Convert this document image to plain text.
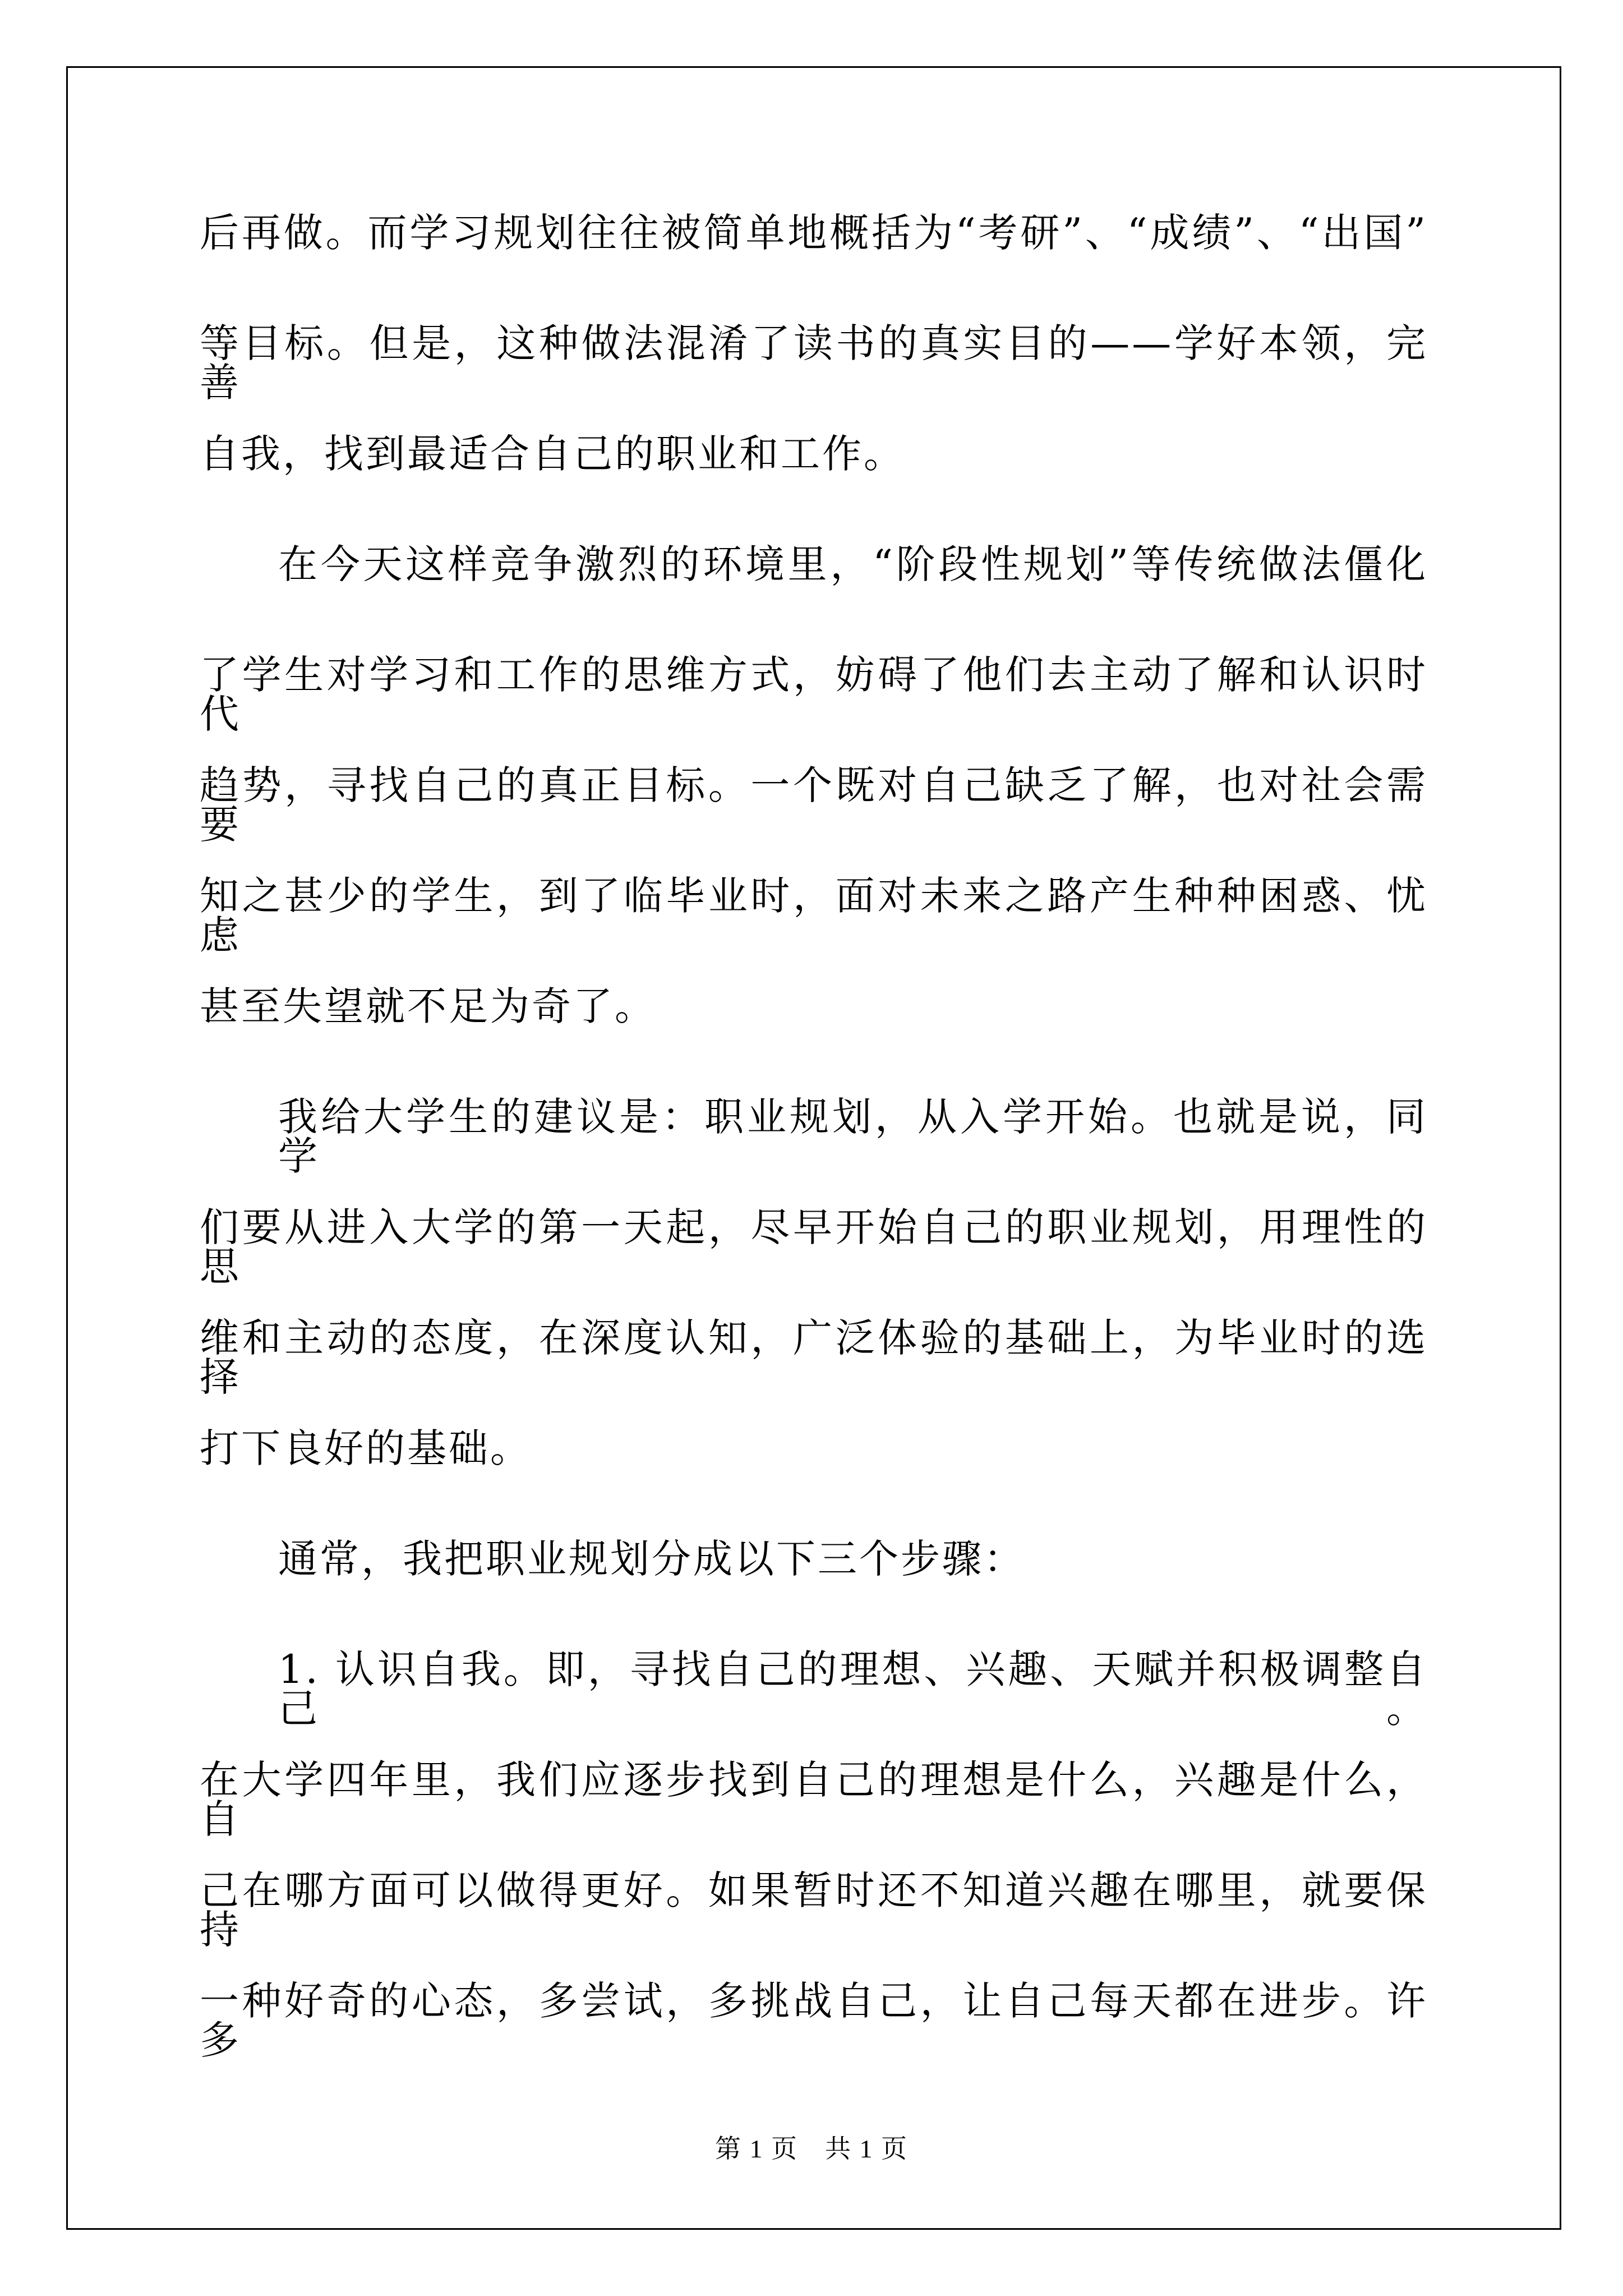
后再做。而学习规划往往被简单地概括为“考研”、“成绩”、“出国”
等目标。但是，这种做法混淆了读书的真实目的——学好本领，完善
自我，找到最适合自己的职业和工作。
在今天这样竞争激烈的环境里，“阶段性规划”等传统做法僵化
了学生对学习和工作的思维方式，妨碍了他们去主动了解和认识时代
趋势，寻找自己的真正目标。一个既对自己缺乏了解，也对社会需要
知之甚少的学生，到了临毕业时，面对未来之路产生种种困惑、忧虑
甚至失望就不足为奇了。
我给大学生的建议是：职业规划，从入学开始。也就是说，同学
们要从进入大学的第一天起，尽早开始自己的职业规划，用理性的思
维和主动的态度，在深度认知，广泛体验的基础上，为毕业时的选择
打下良好的基础。
通常，我把职业规划分成以下三个步骤：
1. 认识自我。即，寻找自己的理想、兴趣、天赋并积极调整自己。
在大学四年里，我们应逐步找到自己的理想是什么，兴趣是什么，自
己在哪方面可以做得更好。如果暂时还不知道兴趣在哪里，就要保持
一种好奇的心态，多尝试，多挑战自己，让自己每天都在进步。许多
第 1 页　共 1 页
